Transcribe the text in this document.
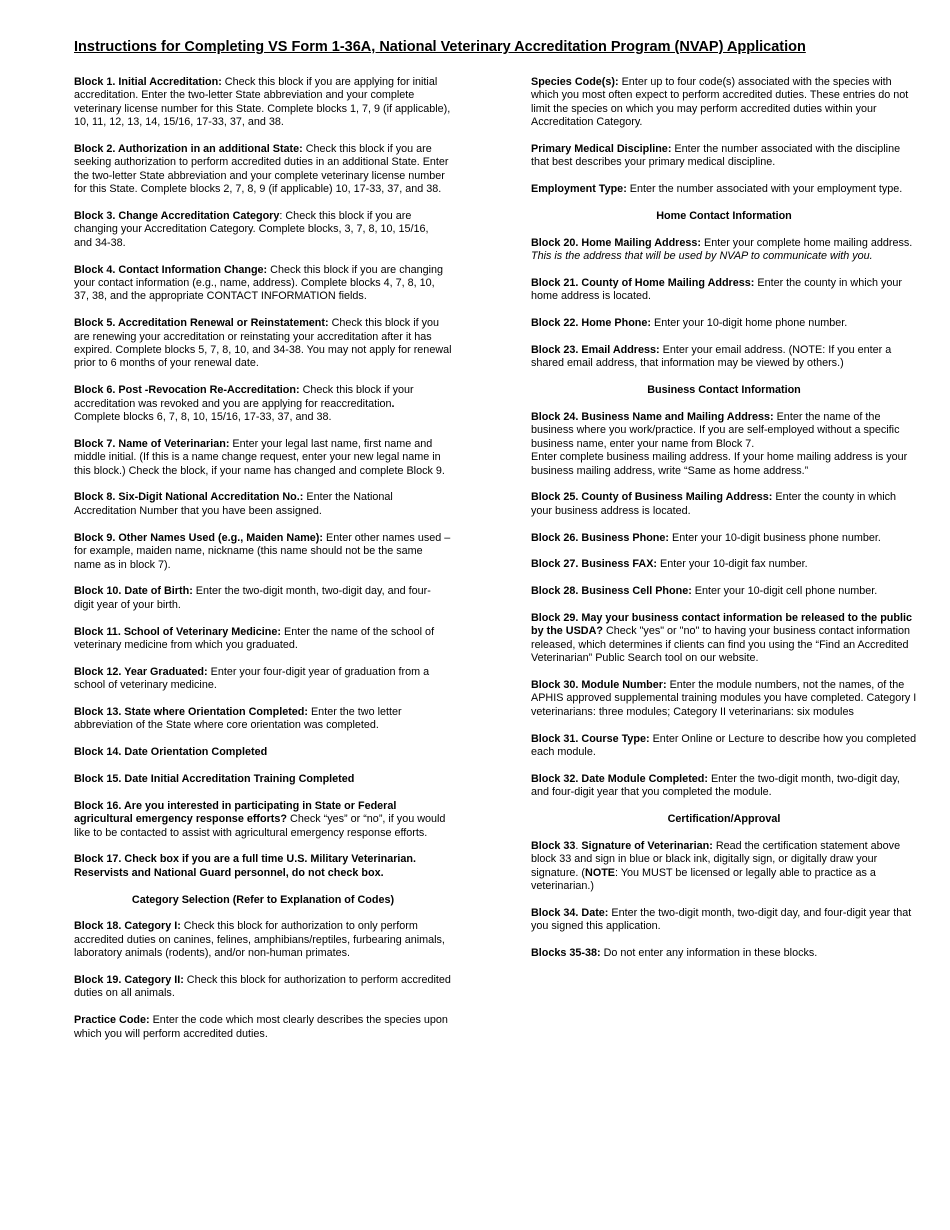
Instructions for Completing VS Form 1-36A, National Veterinary Accreditation Program (NVAP) Application

Block 1. Initial Accreditation: Check this block if you are applying for initial accreditation. Enter the two-letter State abbreviation and your complete veterinary license number for this State. Complete blocks 1, 7, 9 (if applicable), 10, 11, 12, 13, 14, 15/16, 17-33, 37, and 38.

Block 2. Authorization in an additional State: Check this block if you are seeking authorization to perform accredited duties in an additional State. Enter the two-letter State abbreviation and your complete veterinary license number for this State. Complete blocks 2, 7, 8, 9 (if applicable) 10, 17-33, 37, and 38.

Block 3. Change Accreditation Category: Check this block if you are changing your Accreditation Category. Complete blocks, 3, 7, 8, 10, 15/16,
and 34-38.

Block 4. Contact Information Change: Check this block if you are changing your contact information (e.g., name, address). Complete blocks 4, 7, 8, 10, 37, 38, and the appropriate CONTACT INFORMATION fields.

Block 5. Accreditation Renewal or Reinstatement: Check this block if you are renewing your accreditation or reinstating your accreditation after it has expired. Complete blocks 5, 7, 8, 10, and 34-38. You may not apply for renewal prior to 6 months of your renewal date.

Block 6. Post -Revocation Re-Accreditation: Check this block if your accreditation was revoked and you are applying for reaccreditation.
Complete blocks 6, 7, 8, 10, 15/16, 17-33, 37, and 38.

Block 7. Name of Veterinarian: Enter your legal last name, first name and middle initial. (If this is a name change request, enter your new legal name in this block.) Check the block, if your name has changed and complete Block 9.

Block 8. Six-Digit National Accreditation No.: Enter the National Accreditation Number that you have been assigned.

Block 9. Other Names Used (e.g., Maiden Name): Enter other names used – for example, maiden name, nickname (this name should not be the same name as in block 7).

Block 10. Date of Birth: Enter the two-digit month, two-digit day, and four- digit year of your birth.

Block 11. School of Veterinary Medicine: Enter the name of the school of veterinary medicine from which you graduated.

Block 12. Year Graduated: Enter your four-digit year of graduation from a school of veterinary medicine.

Block 13. State where Orientation Completed: Enter the two letter abbreviation of the State where core orientation was completed.

Block 14. Date Orientation Completed

Block 15. Date Initial Accreditation Training Completed

Block 16. Are you interested in participating in State or Federal agricultural emergency response efforts? Check “yes” or “no”, if you would like to be contacted to assist with agricultural emergency response efforts.

Block 17. Check box if you are a full time U.S. Military Veterinarian. Reservists and National Guard personnel, do not check box.

Category Selection (Refer to Explanation of Codes)

Block 18. Category I: Check this block for authorization to only perform accredited duties on canines, felines, amphibians/reptiles, furbearing animals, laboratory animals (rodents), and/or non-human primates.

Block 19. Category II: Check this block for authorization to perform accredited duties on all animals.

Practice Code: Enter the code which most clearly describes the species upon which you will perform accredited duties.

Species Code(s): Enter up to four code(s) associated with the species with which you most often expect to perform accredited duties. These entries do not limit the species on which you may perform accredited duties within your Accreditation Category.

Primary Medical Discipline: Enter the number associated with the discipline that best describes your primary medical discipline.

Employment Type: Enter the number associated with your employment type.

Home Contact Information

Block 20. Home Mailing Address: Enter your complete home mailing address. This is the address that will be used by NVAP to communicate with you.

Block 21. County of Home Mailing Address: Enter the county in which your home address is located.

Block 22. Home Phone: Enter your 10-digit home phone number.

Block 23. Email Address: Enter your email address. (NOTE: If you enter a shared email address, that information may be viewed by others.)

Business Contact Information

Block 24. Business Name and Mailing Address: Enter the name of the business where you work/practice. If you are self-employed without a specific business name, enter your name from Block 7.
Enter complete business mailing address. If your home mailing address is your business mailing address, write “Same as home address.”

Block 25. County of Business Mailing Address: Enter the county in which your business address is located.

Block 26. Business Phone: Enter your 10-digit business phone number.

Block 27. Business FAX: Enter your 10-digit fax number.

Block 28. Business Cell Phone: Enter your 10-digit cell phone number.

Block 29. May your business contact information be released to the public by the USDA? Check "yes" or "no" to having your business contact information released, which determines if clients can find you using the “Find an Accredited Veterinarian” Public Search tool on our website.

Block 30. Module Number: Enter the module numbers, not the names, of the APHIS approved supplemental training modules you have completed. Category I veterinarians: three modules; Category II veterinarians: six modules

Block 31. Course Type: Enter Online or Lecture to describe how you completed each module.

Block 32. Date Module Completed: Enter the two-digit month, two-digit day, and four-digit year that you completed the module.

Certification/Approval

Block 33. Signature of Veterinarian: Read the certification statement above block 33 and sign in blue or black ink, digitally sign, or digitally draw your signature. (NOTE: You MUST be licensed or legally able to practice as a veterinarian.)

Block 34. Date: Enter the two-digit month, two-digit day, and four-digit year that you signed this application.

Blocks 35-38: Do not enter any information in these blocks.
